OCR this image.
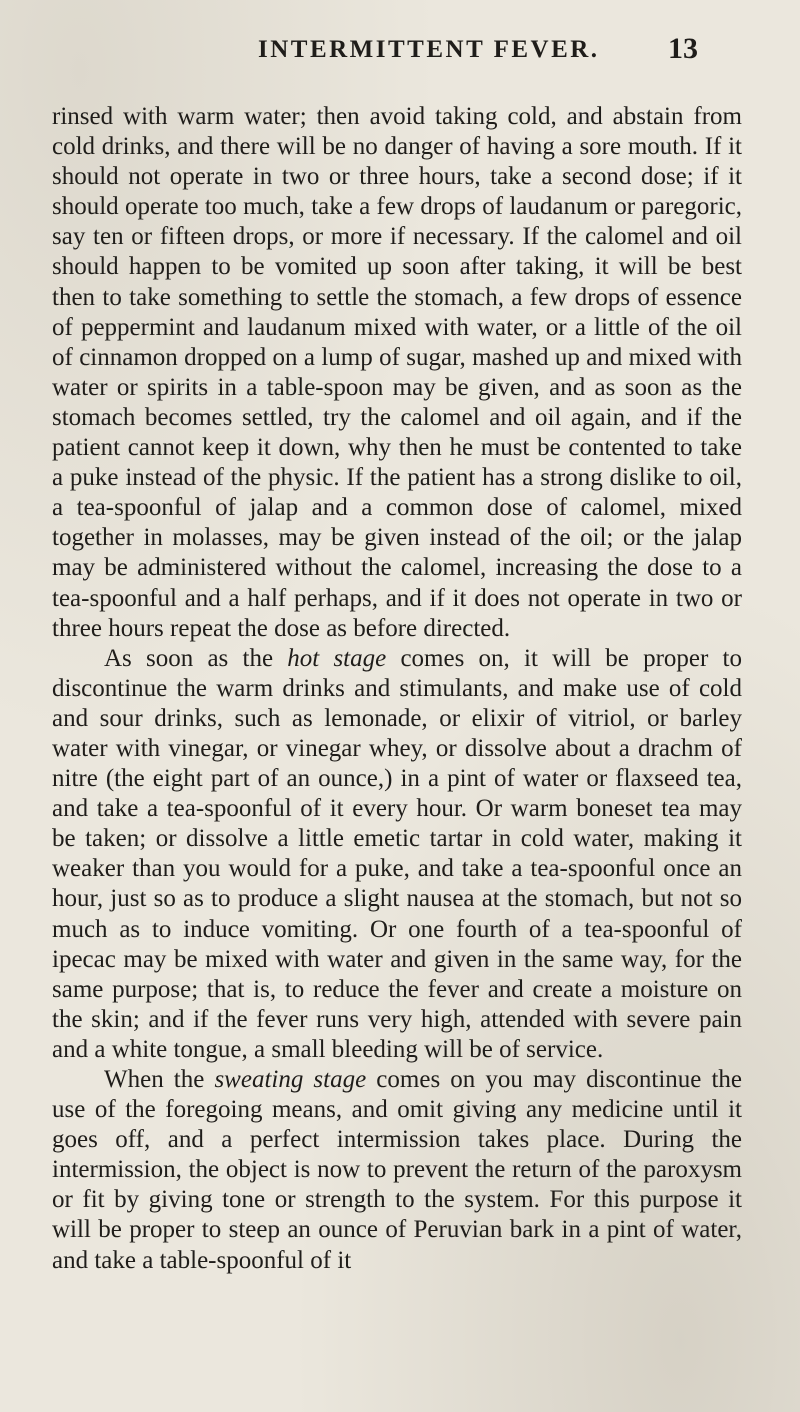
INTERMITTENT FEVER. 13

rinsed with warm water; then avoid taking cold, and abstain from cold drinks, and there will be no danger of having a sore mouth. If it should not operate in two or three hours, take a second dose; if it should operate too much, take a few drops of laudanum or paregoric, say ten or fifteen drops, or more if necessary. If the calomel and oil should happen to be vomited up soon after taking, it will be best then to take something to settle the stomach, a few drops of essence of peppermint and laudanum mixed with water, or a little of the oil of cinnamon dropped on a lump of sugar, mashed up and mixed with water or spirits in a table-spoon may be given, and as soon as the stomach becomes settled, try the calomel and oil again, and if the patient cannot keep it down, why then he must be contented to take a puke instead of the physic. If the patient has a strong dislike to oil, a tea-spoonful of jalap and a common dose of calomel, mixed together in molasses, may be given instead of the oil; or the jalap may be administered without the calomel, increasing the dose to a tea-spoonful and a half perhaps, and if it does not operate in two or three hours repeat the dose as before directed.

As soon as the hot stage comes on, it will be proper to discontinue the warm drinks and stimulants, and make use of cold and sour drinks, such as lemonade, or elixir of vitriol, or barley water with vinegar, or vinegar whey, or dissolve about a drachm of nitre (the eight part of an ounce,) in a pint of water or flaxseed tea, and take a tea-spoonful of it every hour. Or warm boneset tea may be taken; or dissolve a little emetic tartar in cold water, making it weaker than you would for a puke, and take a tea-spoonful once an hour, just so as to produce a slight nausea at the stomach, but not so much as to induce vomiting. Or one fourth of a tea-spoonful of ipecac may be mixed with water and given in the same way, for the same purpose; that is, to reduce the fever and create a moisture on the skin; and if the fever runs very high, attended with severe pain and a white tongue, a small bleeding will be of service.

When the sweating stage comes on you may discontinue the use of the foregoing means, and omit giving any medicine until it goes off, and a perfect intermission takes place. During the intermission, the object is now to prevent the return of the paroxysm or fit by giving tone or strength to the system. For this purpose it will be proper to steep an ounce of Peruvian bark in a pint of water, and take a table-spoonful of it
